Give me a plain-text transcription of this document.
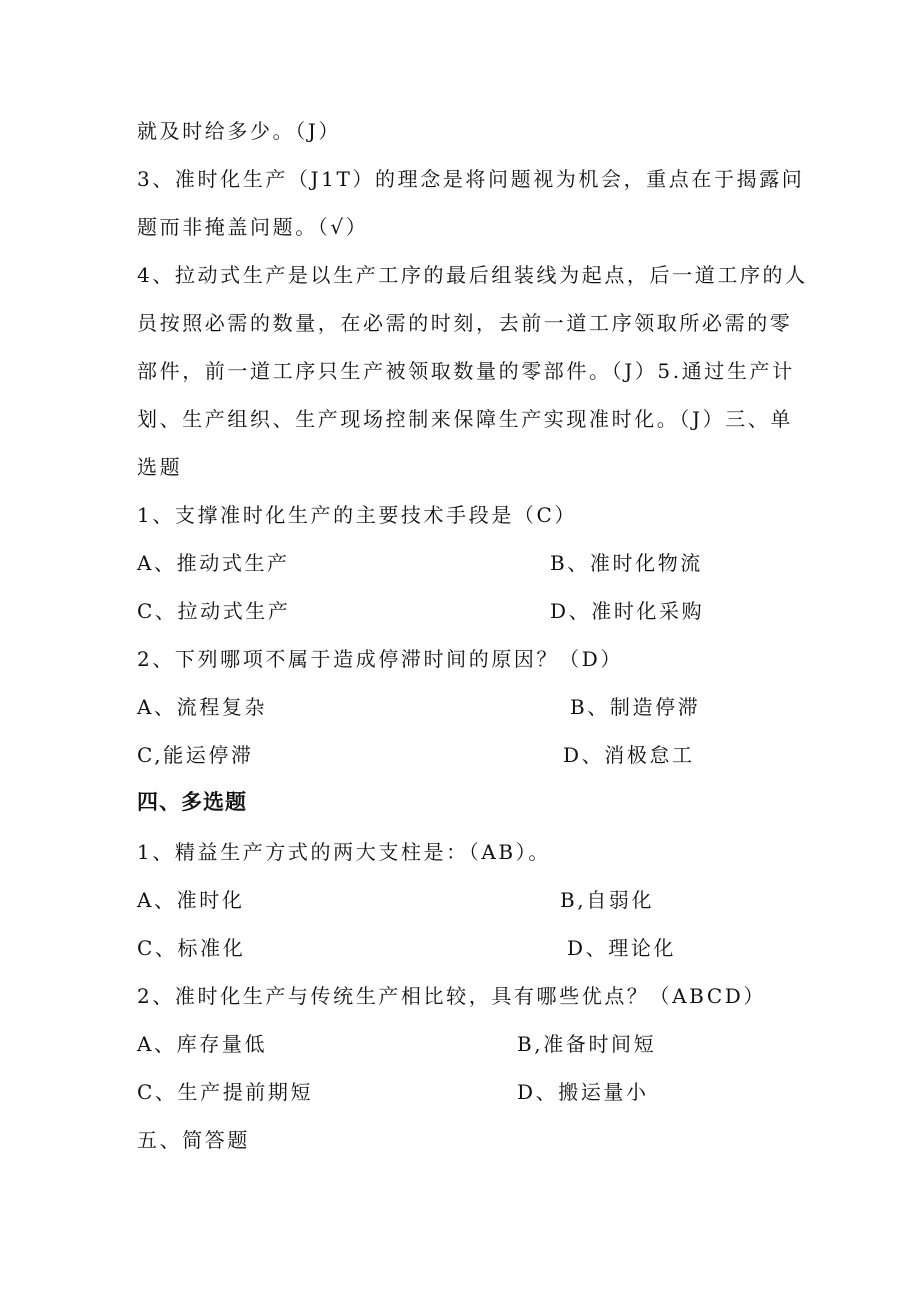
就及时给多少。（J）
3、准时化生产（J1T）的理念是将问题视为机会，重点在于揭露问
题而非掩盖问题。（√）
4、拉动式生产是以生产工序的最后组装线为起点，后一道工序的人
员按照必需的数量，在必需的时刻，去前一道工序领取所必需的零
部件，前一道工序只生产被领取数量的零部件。（J）5.通过生产计
划、生产组织、生产现场控制来保障生产实现准时化。（J）三、单
选题
1、支撑准时化生产的主要技术手段是（C）
A、推动式生产	B、准时化物流
C、拉动式生产	D、准时化采购
2、下列哪项不属于造成停滞时间的原因？（D）
A、流程复杂	B、制造停滞
C,能运停滞	D、消极怠工
四、多选题
1、精益生产方式的两大支柱是：（AB）。
A、准时化	B,自弱化
C、标准化	D、理论化
2、准时化生产与传统生产相比较，具有哪些优点？（ABCD）
A、库存量低	B,准备时间短
C、生产提前期短	D、搬运量小
五、简答题
